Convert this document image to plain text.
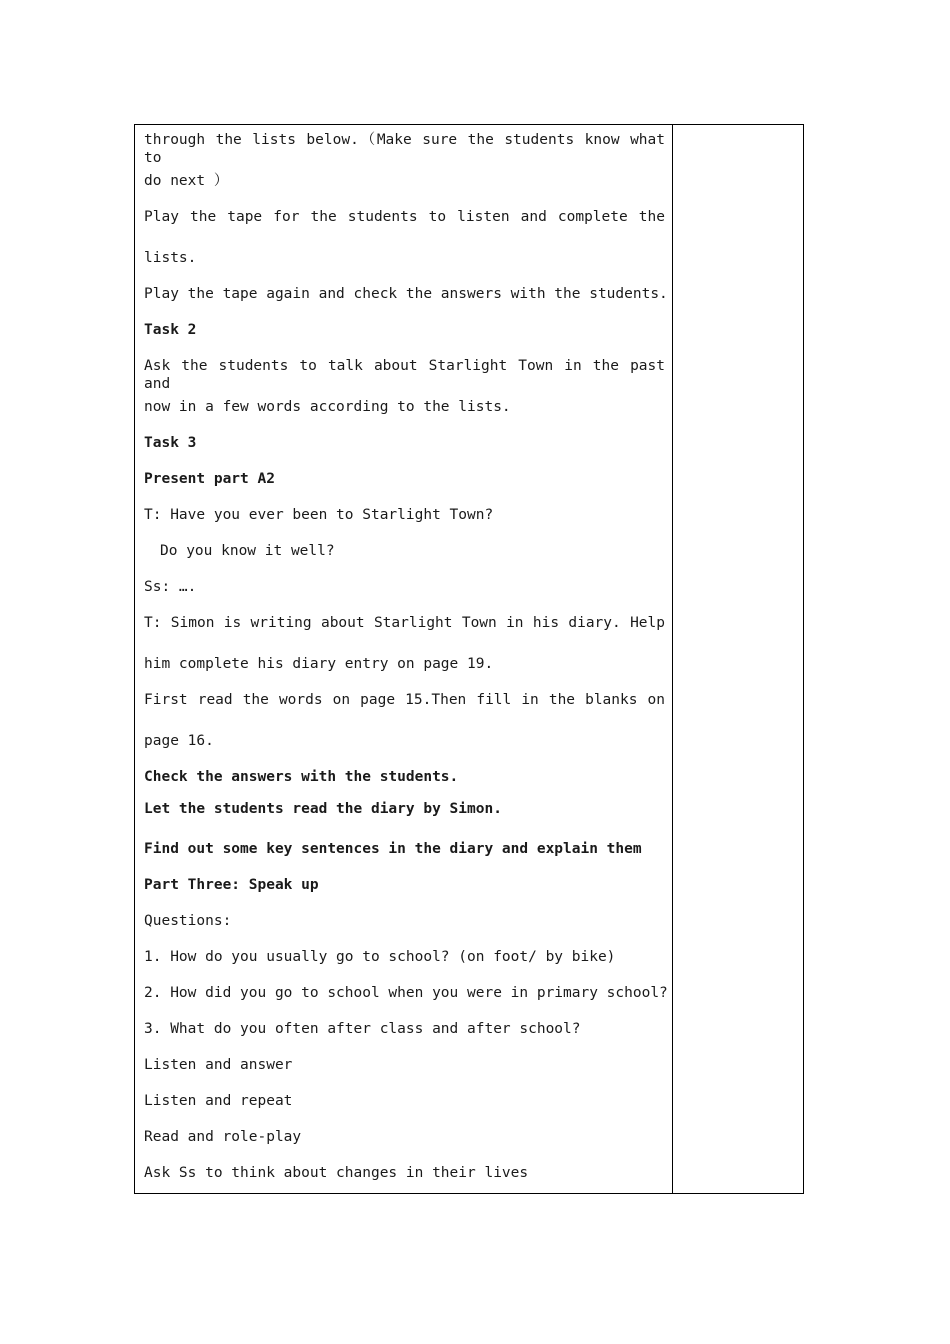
through the lists below.（Make sure the students know what to
do next ）
Play the tape for the students to listen and complete the
lists.
Play the tape again and check the answers with the students.
Task 2
Ask the students to talk about Starlight Town in the past and
now in a few words according to the lists.
Task 3
Present part A2
T: Have you ever been to Starlight Town?
Do you know it well?
Ss: ….
T: Simon is writing about Starlight Town in his diary. Help
him complete his diary entry on page 19.
First read the words on page 15.Then fill in the blanks on
page 16.
Check the answers with the students.
Let the students read the diary by Simon.
Find out some key sentences in the diary and explain them
Part Three: Speak up
Questions:
1. How do you usually go to school? (on foot/ by bike)
2. How did you go to school when you were in primary school?
3. What do you often after class and after school?
Listen and answer
Listen and repeat
Read and role-play
Ask Ss to think about changes in their lives
